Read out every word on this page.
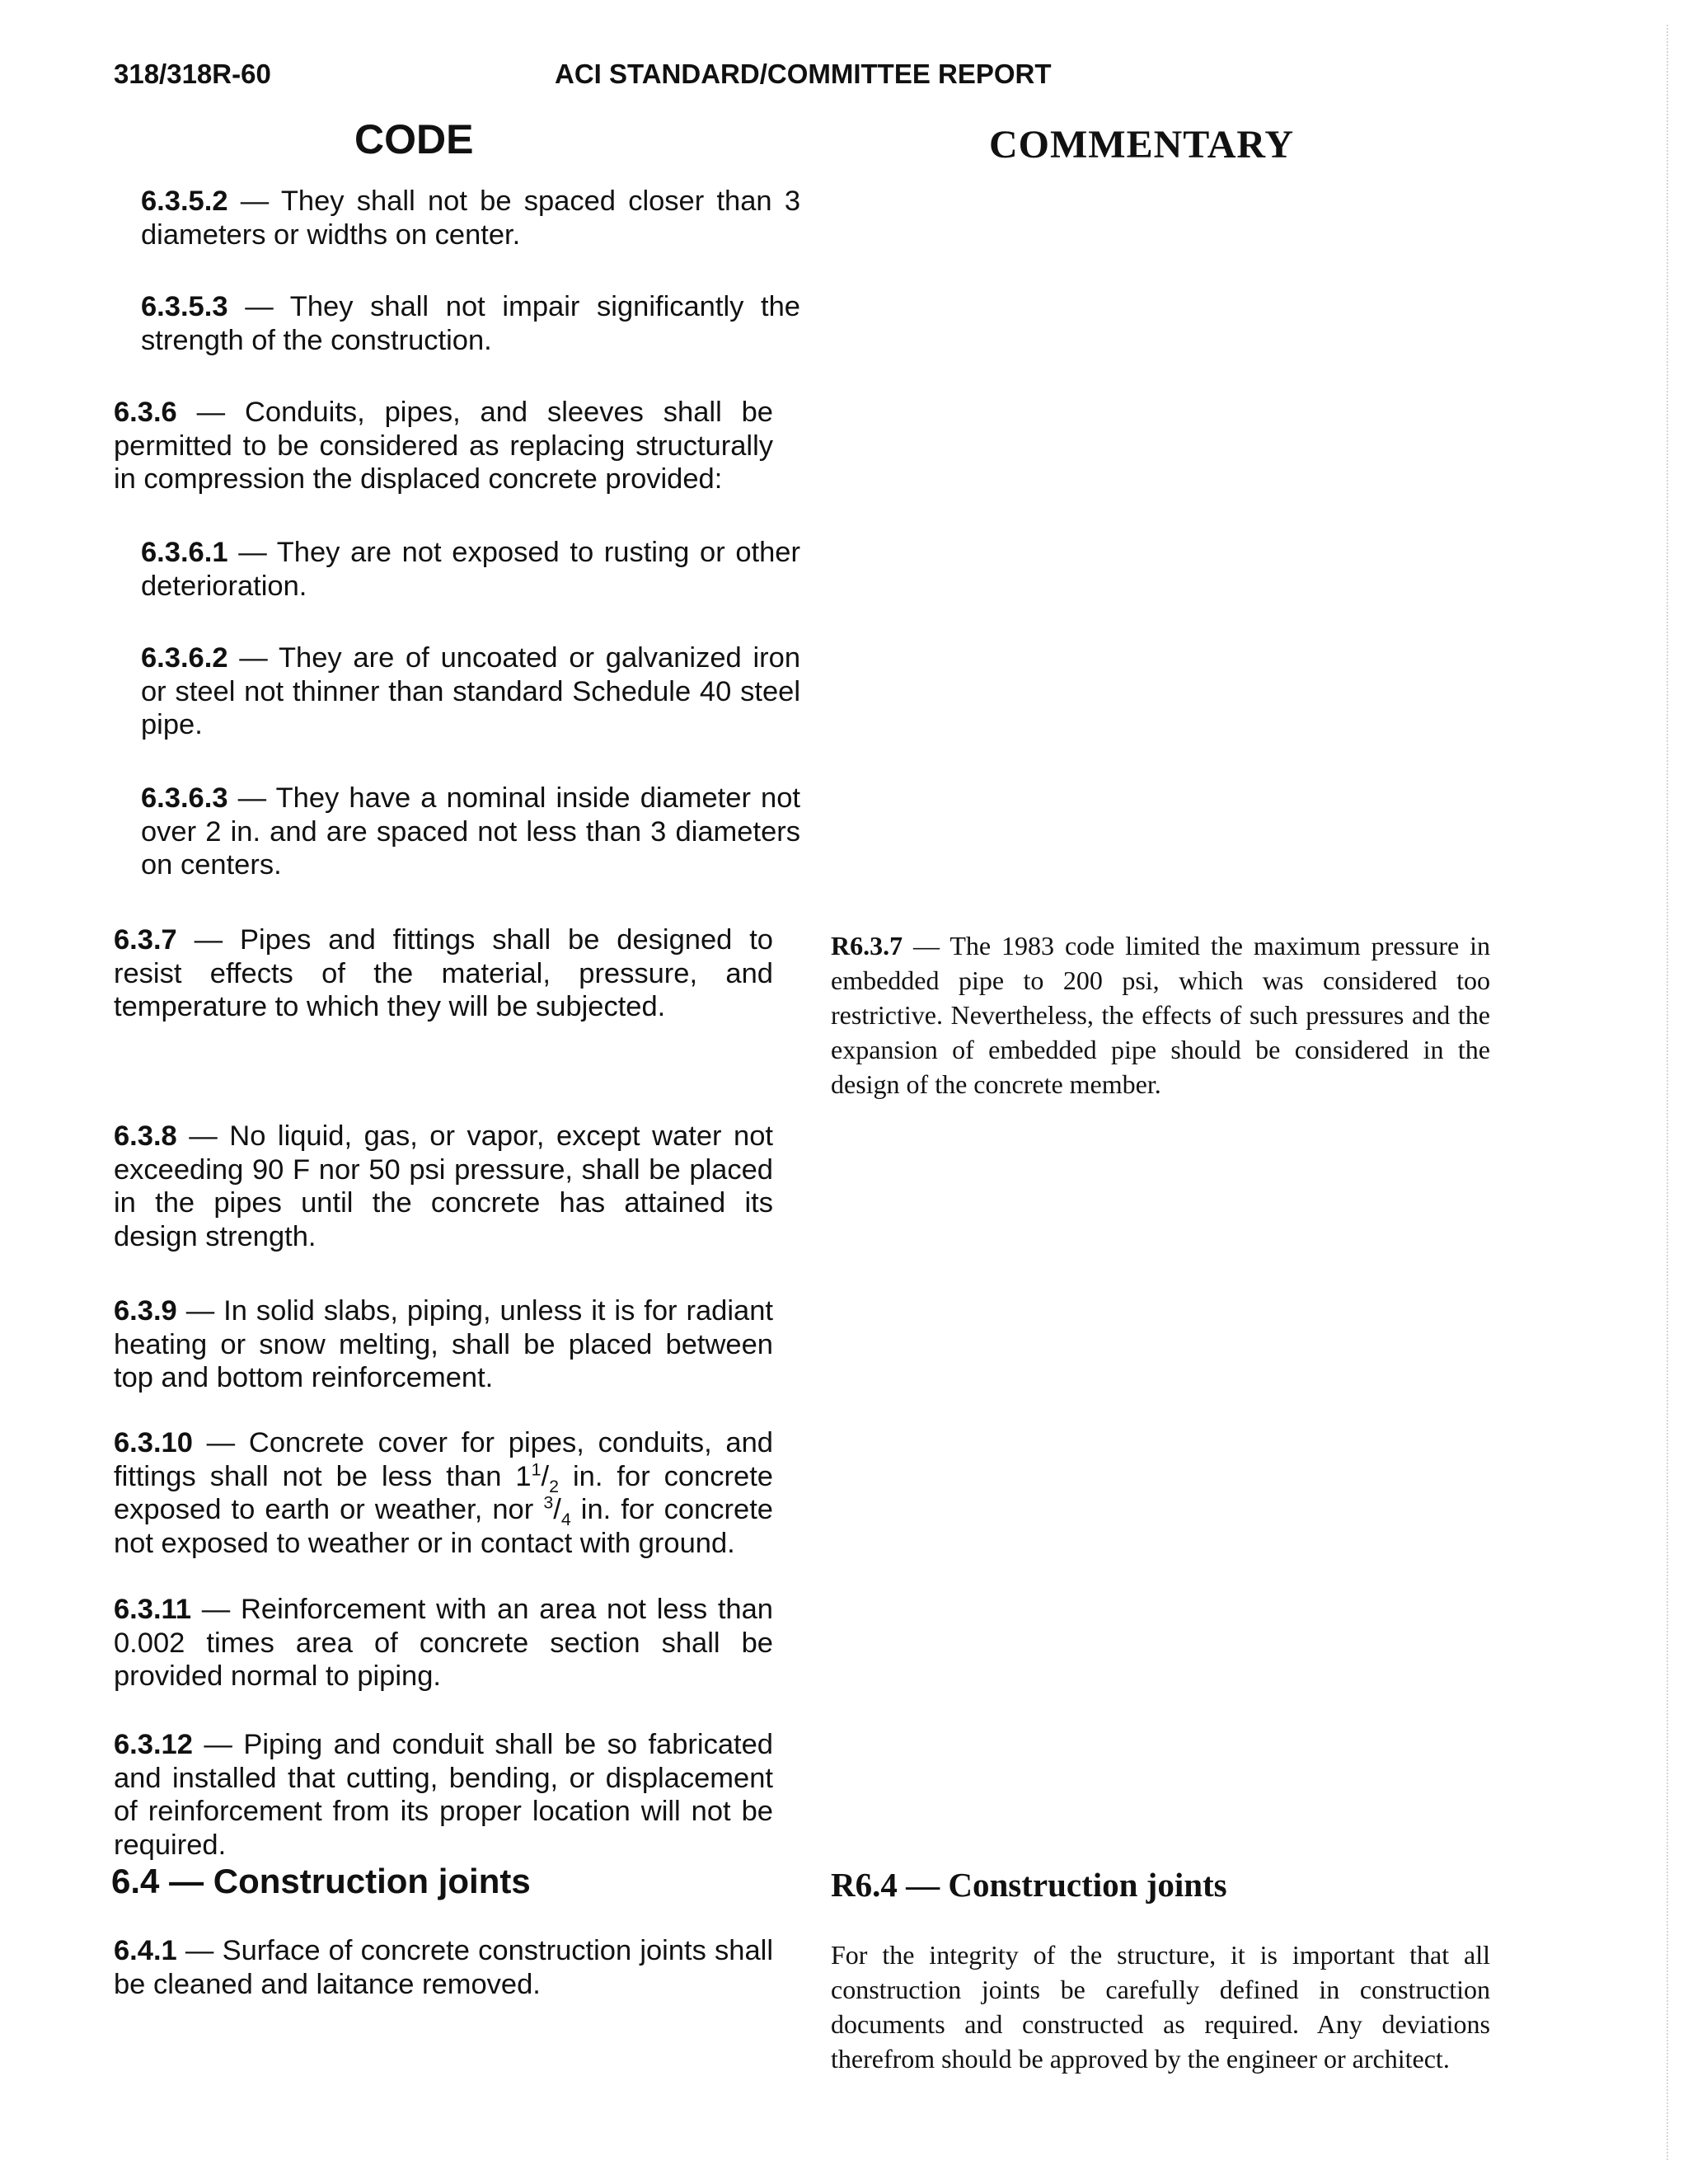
318/318R-60	ACI STANDARD/COMMITTEE REPORT
CODE	COMMENTARY
6.3.5.2 — They shall not be spaced closer than 3 diameters or widths on center.
6.3.5.3 — They shall not impair significantly the strength of the construction.
6.3.6 — Conduits, pipes, and sleeves shall be permitted to be considered as replacing structurally in compression the displaced concrete provided:
6.3.6.1 — They are not exposed to rusting or other deterioration.
6.3.6.2 — They are of uncoated or galvanized iron or steel not thinner than standard Schedule 40 steel pipe.
6.3.6.3 — They have a nominal inside diameter not over 2 in. and are spaced not less than 3 diameters on centers.
6.3.7 — Pipes and fittings shall be designed to resist effects of the material, pressure, and temperature to which they will be subjected.
6.3.8 — No liquid, gas, or vapor, except water not exceeding 90 F nor 50 psi pressure, shall be placed in the pipes until the concrete has attained its design strength.
6.3.9 — In solid slabs, piping, unless it is for radiant heating or snow melting, shall be placed between top and bottom reinforcement.
6.3.10 — Concrete cover for pipes, conduits, and fittings shall not be less than $1^1/_2$ in. for concrete exposed to earth or weather, nor $^3/_4$ in. for concrete not exposed to weather or in contact with ground.
6.3.11 — Reinforcement with an area not less than 0.002 times area of concrete section shall be provided normal to piping.
6.3.12 — Piping and conduit shall be so fabricated and installed that cutting, bending, or displacement of reinforcement from its proper location will not be required.
6.4 — Construction joints
6.4.1 — Surface of concrete construction joints shall be cleaned and laitance removed.
R6.3.7 — The 1983 code limited the maximum pressure in embedded pipe to 200 psi, which was considered too restrictive. Nevertheless, the effects of such pressures and the expansion of embedded pipe should be considered in the design of the concrete member.
R6.4 — Construction joints
For the integrity of the structure, it is important that all construction joints be carefully defined in construction documents and constructed as required. Any deviations therefrom should be approved by the engineer or architect.
